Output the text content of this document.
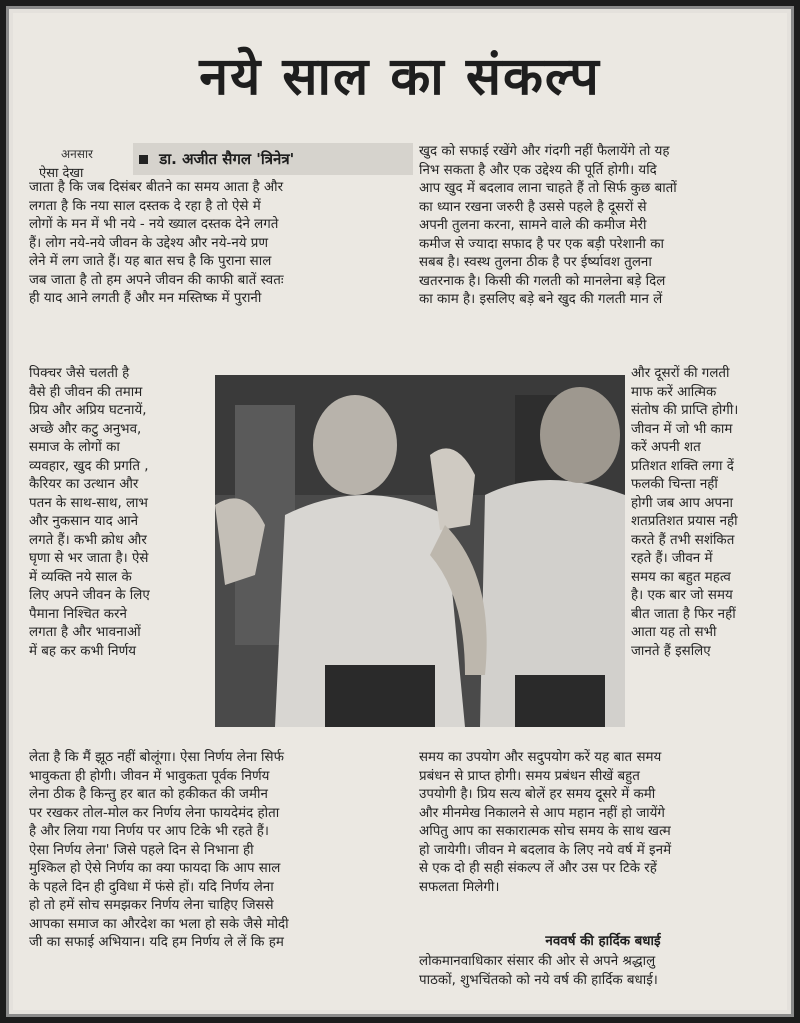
नये साल का संकल्प
अनसार
ऐसा देखा
डा. अजीत सैगल 'त्रिनेत्र'
जाता है कि जब दिसंबर बीतने का समय आता है और
लगता है कि नया साल दस्तक दे रहा है तो ऐसे में
लोगों के मन में भी नये - नये ख्याल दस्तक देने लगते
हैं। लोग नये-नये जीवन के उद्देश्य और नये-नये प्रण
लेने में लग जाते हैं। यह बात सच है कि पुराना साल
जब जाता है तो हम अपने जीवन की काफी बातें स्वतः
ही याद आने लगती हैं और मन मस्तिष्क में पुरानी
पिक्चर जैसे चलती है
वैसे ही जीवन की तमाम
प्रिय और अप्रिय घटनायें,
अच्छे और कटु अनुभव,
समाज के लोगों का
व्यवहार, खुद की प्रगति ,
कैरियर का उत्थान और
पतन के साथ-साथ, लाभ
और नुकसान याद आने
लगते हैं। कभी क्रोध और
घृणा से भर जाता है। ऐसे
में व्यक्ति नये साल के
लिए अपने जीवन के लिए
पैमाना निश्चित करने
लगता है और भावनाओं
में बह कर कभी निर्णय
खुद को सफाई रखेंगे और गंदगी नहीं फैलायेंगे तो यह
निभ सकता है और एक उद्देश्य की पूर्ति होगी। यदि
आप खुद में बदलाव लाना चाहते हैं तो सिर्फ कुछ बातों
का ध्यान रखना जरुरी है उससे पहले है दूसरों से
अपनी तुलना करना, सामने वाले की कमीज मेरी
कमीज से ज्यादा सफाद है पर एक बड़ी परेशानी का
सबब है। स्वस्थ तुलना ठीक है पर ईर्ष्यावश तुलना
खतरनाक है। किसी की गलती को मानलेना बड़े दिल
का काम है। इसलिए बड़े बने खुद की गलती मान लें
और दूसरों की गलती
माफ करें आत्मिक
संतोष की प्राप्ति होगी।
जीवन में जो भी काम
करें अपनी शत
प्रतिशत शक्ति लगा दें
फलकी चिन्ता नहीं
होगी जब आप अपना
शतप्रतिशत प्रयास नही
करते हैं तभी सशंकित
रहते हैं। जीवन में
समय का बहुत महत्व
है। एक बार जो समय
बीत जाता है फिर नहीं
आता यह तो सभी
जानते हैं इसलिए
लेता है कि मैं झूठ नहीं बोलूंगा। ऐसा निर्णय लेना सिर्फ
भावुकता ही होगी। जीवन में भावुकता पूर्वक निर्णय
लेना ठीक है किन्तु हर बात को हकीकत की जमीन
पर रखकर तोल-मोल कर निर्णय लेना फायदेमंद होता
है और लिया गया निर्णय पर आप टिके भी रहते हैं।
ऐसा निर्णय लेना' जिसे पहले दिन से निभाना ही
मुश्किल हो ऐसे निर्णय का क्या फायदा कि आप साल
के पहले दिन ही दुविधा में फंसे हों। यदि निर्णय लेना
हो तो हमें सोच समझकर निर्णय लेना चाहिए जिससे
आपका समाज का औरदेश का भला हो सके जैसे मोदी
जी का सफाई अभियान। यदि हम निर्णय ले लें कि हम
समय का उपयोग और सदुपयोग करें यह बात समय
प्रबंधन से प्राप्त होगी। समय प्रबंधन सीखें बहुत
उपयोगी है। प्रिय सत्य बोलें हर समय दूसरे में कमी
और मीनमेख निकालने से आप महान नहीं हो जायेंगे
अपितु आप का सकारात्मक सोच समय के साथ खत्म
हो जायेगी। जीवन मे बदलाव के लिए नये वर्ष में इनमें
से एक दो ही सही संकल्प लें और उस पर टिके रहें
सफलता मिलेगी।
नववर्ष की हार्दिक बधाई
लोकमानवाधिकार संसार की ओर से अपने श्रद्धालु
पाठकों, शुभचिंतको को नये वर्ष की हार्दिक बधाई।
